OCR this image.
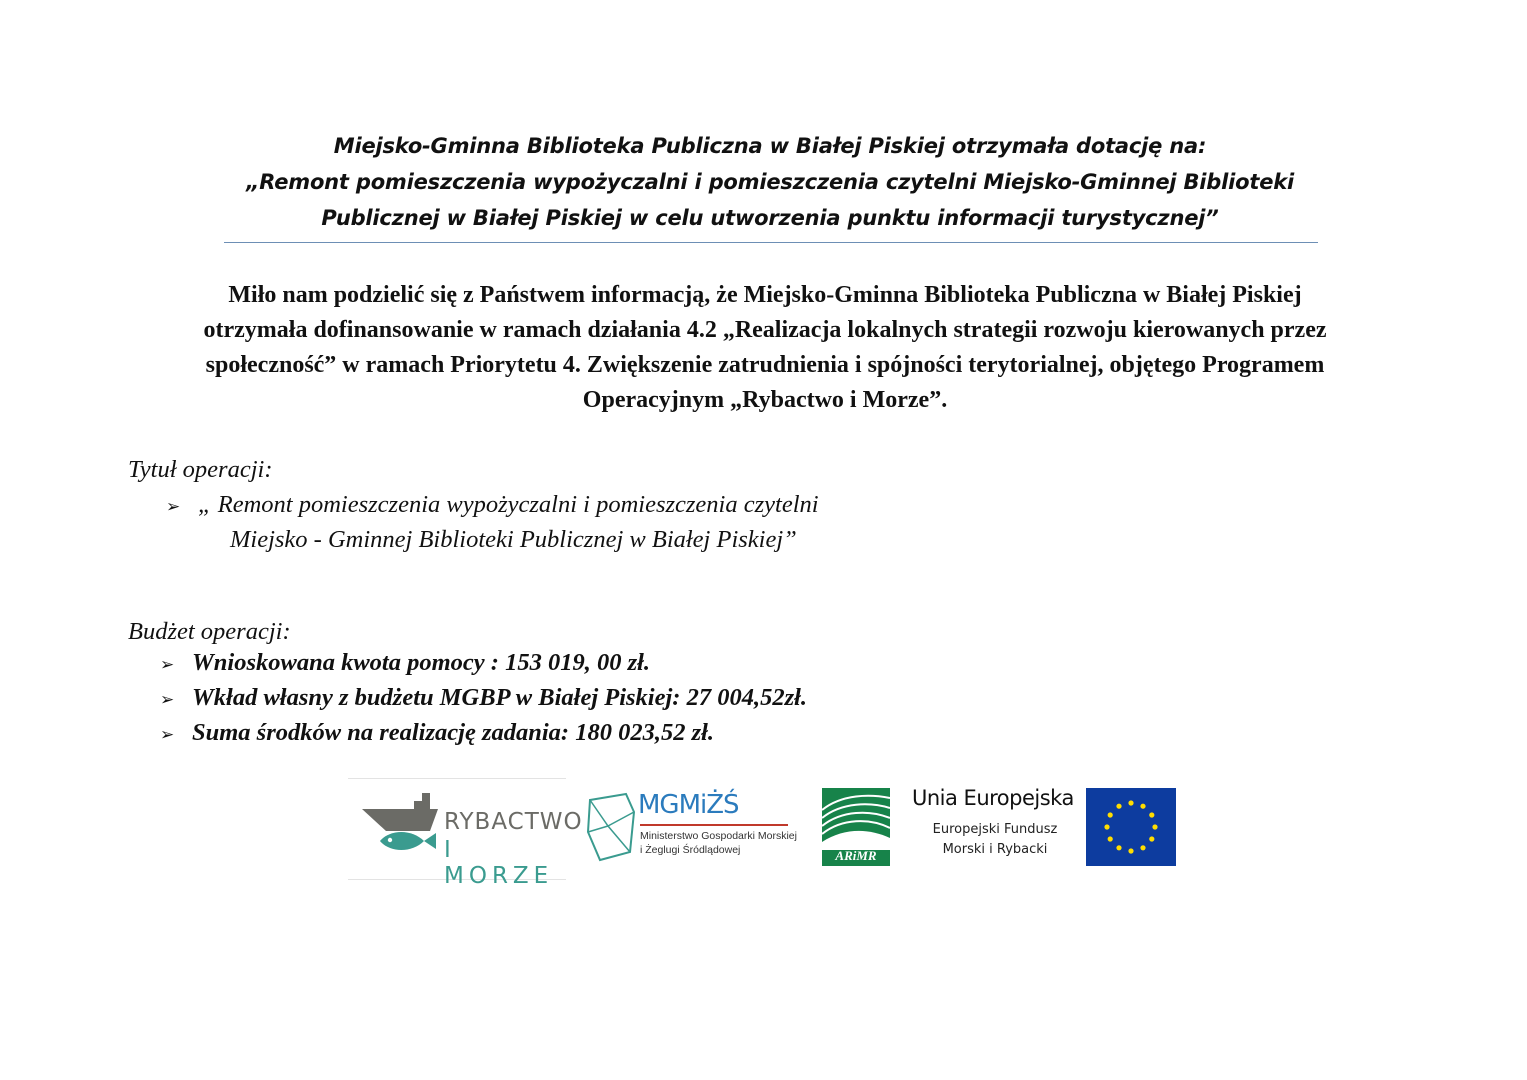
Miejsko-Gminna Biblioteka Publiczna w Białej Piskiej otrzymała dotację na:
„Remont pomieszczenia wypożyczalni i pomieszczenia czytelni Miejsko-Gminnej Biblioteki
Publicznej w Białej Piskiej w celu utworzenia punktu informacji turystycznej”
Miło nam podzielić się z Państwem informacją, że Miejsko-Gminna Biblioteka Publiczna w Białej Piskiej
otrzymała dofinansowanie w ramach działania 4.2 „Realizacja lokalnych strategii rozwoju kierowanych przez
społeczność” w ramach Priorytetu 4. Zwiększenie zatrudnienia i spójności terytorialnej, objętego Programem
Operacyjnym „Rybactwo i Morze”.
Tytuł operacji:
➢ „ Remont pomieszczenia wypożyczalni i pomieszczenia czytelni
Miejsko - Gminnej Biblioteki Publicznej w Białej Piskiej”
Budżet operacji:
➢ Wnioskowana kwota pomocy : 153 019, 00 zł.
➢ Wkład własny z budżetu MGBP w Białej Piskiej: 27 004,52zł.
➢ Suma środków na realizację zadania: 180 023,52 zł.
RYBACTWO
I MORZE
MGMiŻŚ
Ministerstwo Gospodarki Morskiej
i Żeglugi Śródlądowej	ARiMR
Unia Europejska
Europejski Fundusz
Morski i Rybacki
